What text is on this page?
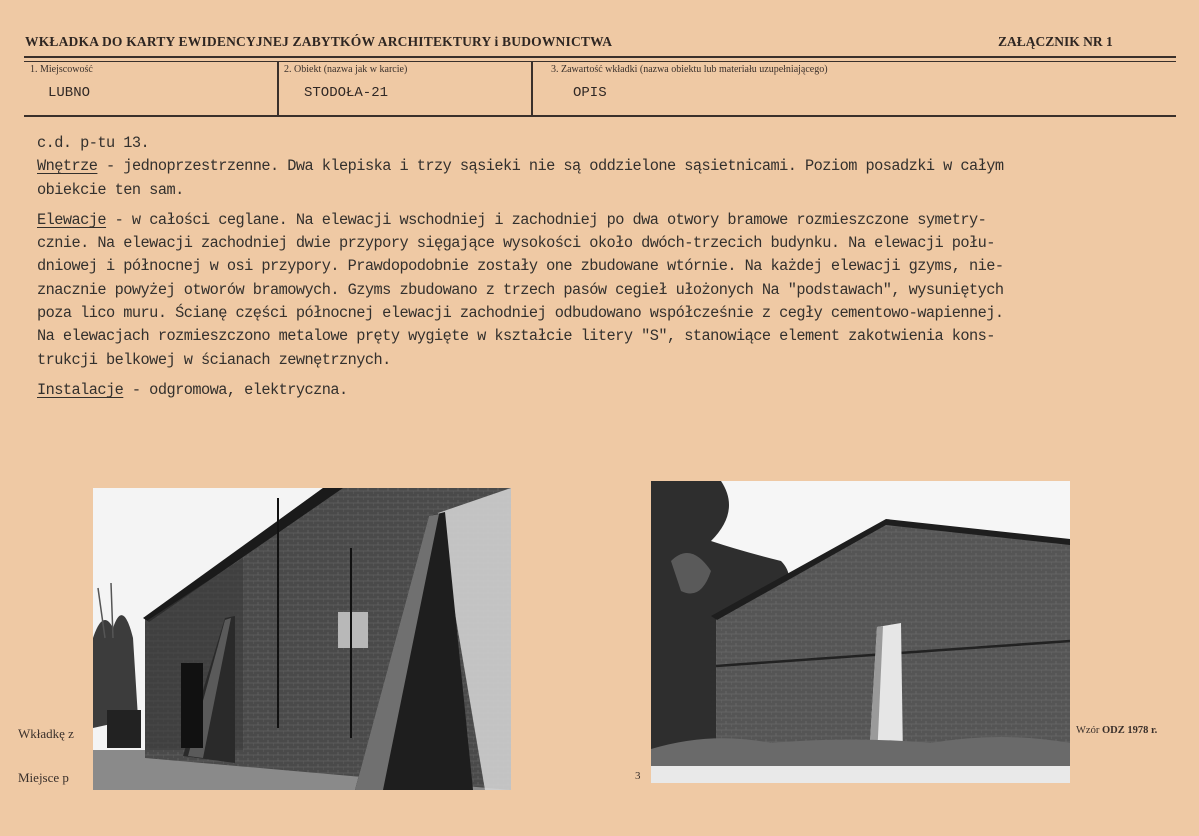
WKŁADKA DO KARTY EWIDENCYJNEJ ZABYTKÓW ARCHITEKTURY i BUDOWNICTWA	ZAŁĄCZNIK NR 1
1. Miejscowość
LUBNO
2. Obiekt (nazwa jak w karcie)
STODOŁA-21
3. Zawartość wkładki (nazwa obiektu lub materiału uzupełniającego)
OPIS

c.d. p-tu 13.

Wnętrze - jednoprzestrzenne. Dwa klepiska i trzy sąsieki nie są oddzielone sąsietnicami. Poziom posadzki w całym

obiekcie ten sam.

Elewacje - w całości ceglane. Na elewacji wschodniej i zachodniej po dwa otwory bramowe rozmieszczone symetry-

cznie. Na elewacji zachodniej dwie przypory sięgające wysokości około dwóch-trzecich budynku. Na elewacji połu-

dniowej i północnej w osi przypory. Prawdopodobnie zostały one zbudowane wtórnie. Na każdej elewacji gzyms, nie-

znacznie powyżej otworów bramowych. Gzyms zbudowano z trzech pasów cegieł ułożonych Na "podstawach", wysuniętych

poza lico muru. Ścianę części północnej elewacji zachodniej odbudowano współcześnie z cegły cementowo-wapiennej.

Na elewacjach rozmieszczono metalowe pręty wygięte w kształcie litery "S", stanowiące element zakotwienia kons-

trukcji belkowej w ścianach zewnętrznych.

Instalacje - odgromowa, elektryczna.

Wkładkę z
Miejsce p
Wzór ODZ 1978 r.
3
